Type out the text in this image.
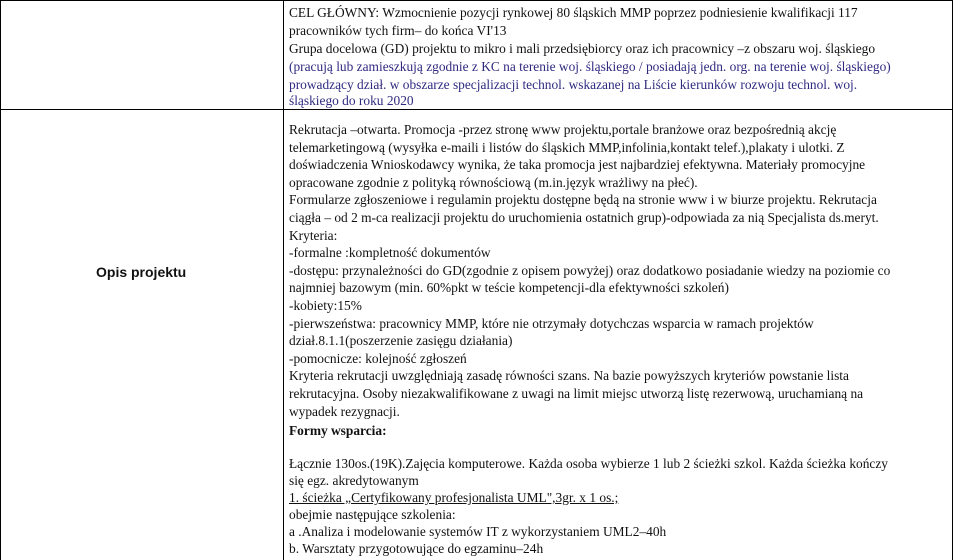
CEL GŁÓWNY: Wzmocnienie pozycji rynkowej 80 śląskich MMP poprzez podniesienie kwalifikacji 117
pracowników tych firm– do końca VI'13
Grupa docelowa (GD) projektu to mikro i mali przedsiębiorcy oraz ich pracownicy –z obszaru woj. śląskiego
(pracują lub zamieszkują zgodnie z KC na terenie woj. śląskiego / posiadają jedn. org. na terenie woj. śląskiego)
prowadzący dział. w obszarze specjalizacji technol. wskazanej na Liście kierunków rozwoju technol. woj.
śląskiego do roku 2020
Opis projektu
Rekrutacja –otwarta. Promocja -przez stronę www projektu,portale branżowe oraz bezpośrednią akcję
telemarketingową (wysyłka e-maili i listów do śląskich MMP,infolinia,kontakt telef.),plakaty i ulotki. Z
doświadczenia Wnioskodawcy wynika, że taka promocja jest najbardziej efektywna. Materiały promocyjne
opracowane zgodnie z polityką równościową (m.in.język wrażliwy na płeć).
Formularze zgłoszeniowe i regulamin projektu dostępne będą na stronie www i w biurze projektu. Rekrutacja
ciągła – od 2 m-ca realizacji projektu do uruchomienia ostatnich grup)-odpowiada za nią Specjalista ds.meryt.
Kryteria:
-formalne :kompletność dokumentów
-dostępu: przynależności do GD(zgodnie z opisem powyżej) oraz dodatkowo posiadanie wiedzy na poziomie co
najmniej bazowym (min. 60%pkt w teście kompetencji-dla efektywności szkoleń)
-kobiety:15%
-pierwszeństwa: pracownicy MMP, które nie otrzymały dotychczas wsparcia w ramach projektów
dział.8.1.1(poszerzenie zasięgu działania)
-pomocnicze: kolejność zgłoszeń
Kryteria rekrutacji uwzględniają zasadę równości szans. Na bazie powyższych kryteriów powstanie lista
rekrutacyjna. Osoby niezakwalifikowane z uwagi na limit miejsc utworzą listę rezerwową, uruchamianą na
wypadek rezygnacji.
Formy wsparcia:
Łącznie 130os.(19K).Zajęcia komputerowe. Każda osoba wybierze 1 lub 2 ścieżki szkol. Każda ścieżka kończy
się egz. akredytowanym
1. ścieżka „Certyfikowany profesjonalista UML",3gr. x 1 os.;
obejmie następujące szkolenia:
a .Analiza i modelowanie systemów IT z wykorzystaniem UML2–40h
b. Warsztaty przygotowujące do egzaminu–24h
